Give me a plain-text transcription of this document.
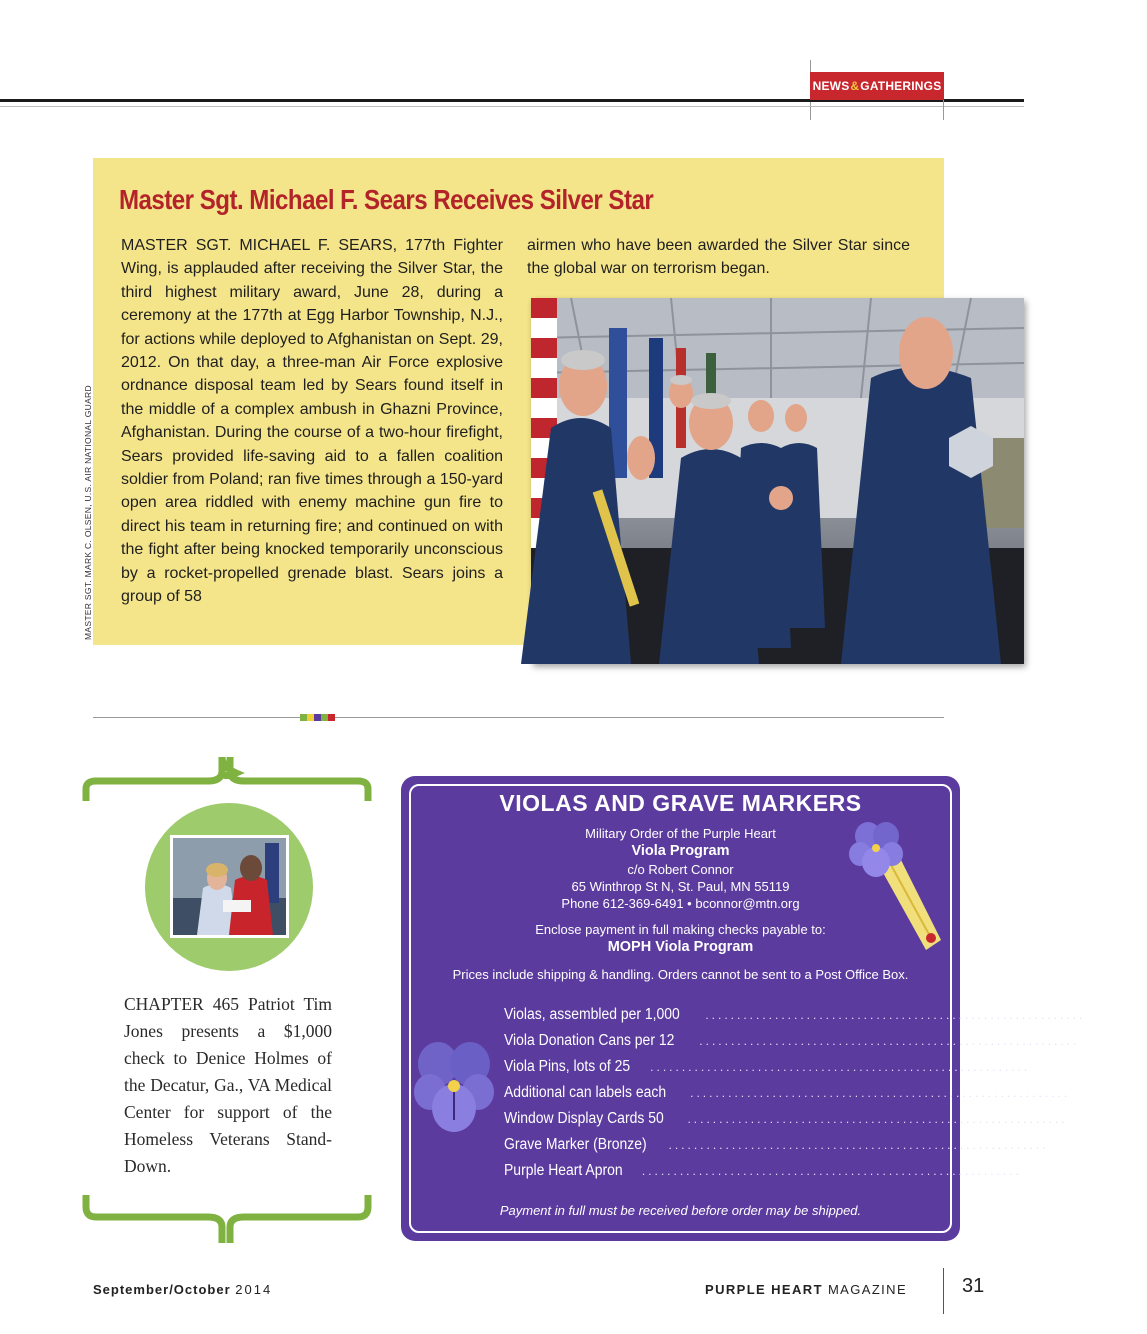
NEWS & GATHERINGS
Master Sgt. Michael F. Sears Receives Silver Star

MASTER SGT. MICHAEL F. SEARS, 177th Fighter Wing, is applauded after receiving the Silver Star, the third highest military award, June 28, during a ceremony at the 177th at Egg Harbor Township, N.J., for actions while deployed to Afghanistan on Sept. 29, 2012. On that day, a three-man Air Force explosive ordnance disposal team led by Sears found itself in the middle of a complex ambush in Ghazni Province, Afghanistan. During the course of a two-hour firefight, Sears provided life-saving aid to a fallen coalition soldier from Poland; ran five times through a 150-yard open area riddled with enemy machine gun fire to direct his team in returning fire; and continued on with the fight after being knocked temporarily unconscious by a rocket-propelled grenade blast. Sears joins a group of 58

airmen who have been awarded the Silver Star since the global war on terrorism began.

MASTER SGT. MARK C. OLSEN, U.S. AIR NATIONAL GUARD

CHAPTER 465 Patriot Tim Jones presents a $1,000 check to Denice Holmes of the Decatur, Ga., VA Medical Center for support of the Homeless Veterans Stand-Down.

VIOLAS AND GRAVE MARKERS
Military Order of the Purple Heart
Viola Program
c/o Robert Connor
65 Winthrop St N, St. Paul, MN 55119
Phone 612-369-6491 • bconnor@mtn.org
Enclose payment in full making checks payable to:
MOPH Viola Program
Prices include shipping & handling. Orders cannot be sent to a Post Office Box.
Violas, assembled per 1,000 ............................................................ $125.00
Viola Donation Cans per 12 ............................................................ 20.00
Viola Pins, lots of 25 ............................................................ 50.00
Additional can labels each ............................................................ 00.12
Window Display Cards 50 ............................................................ 16.00
Grave Marker (Bronze) ............................................................ 65.00
Purple Heart Apron ............................................................ 15.00
Payment in full must be received before order may be shipped.
September/October 2014	PURPLE HEART MAGAZINE	31
